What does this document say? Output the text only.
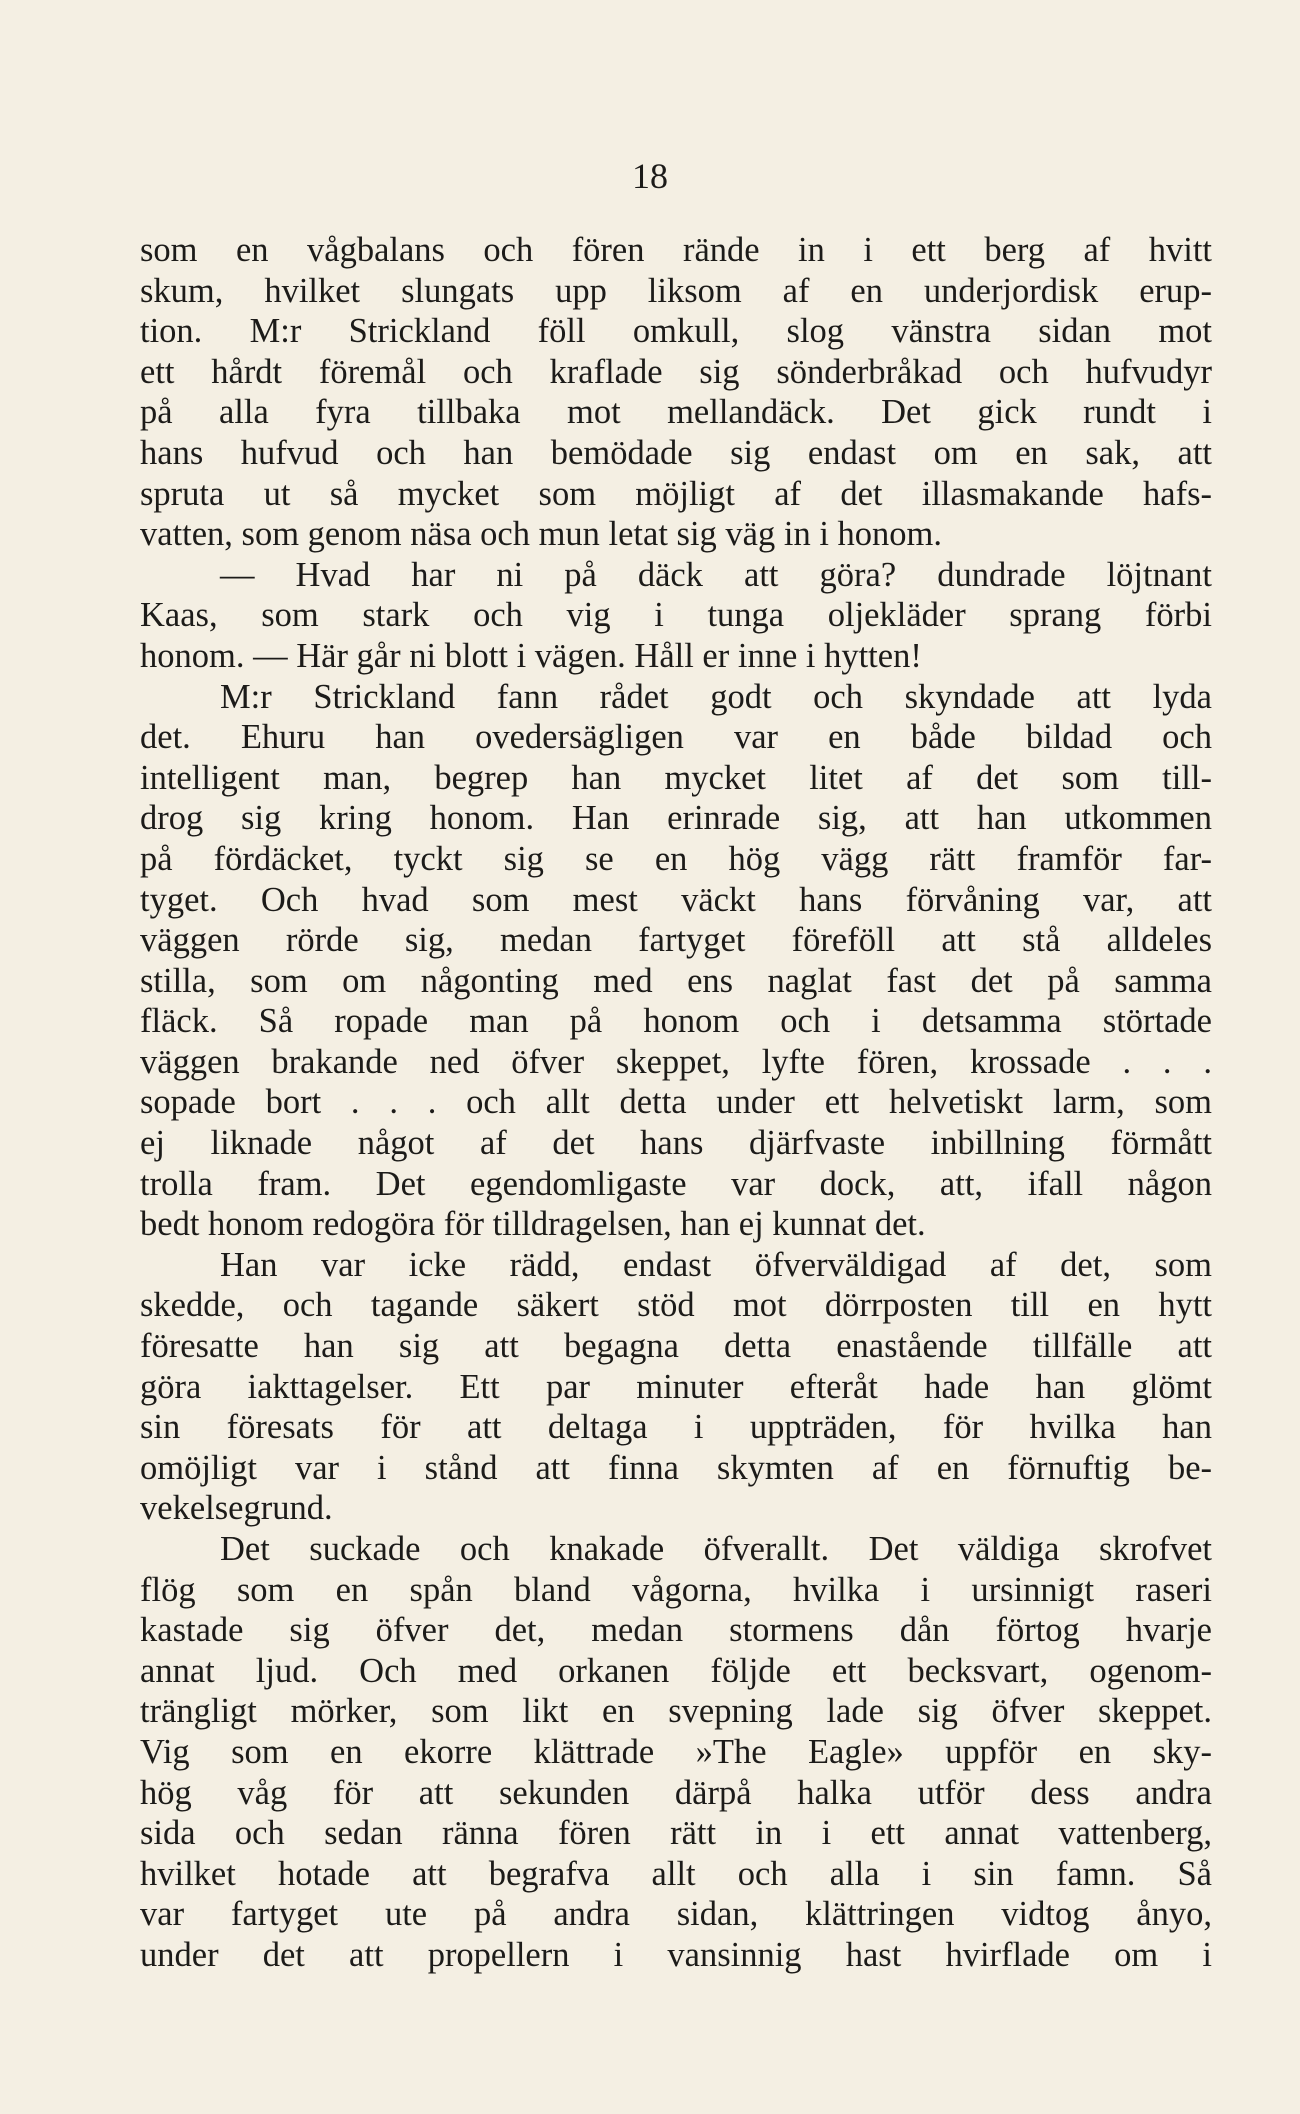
18
som en vågbalans och fören rände in i ett berg af hvitt
skum, hvilket slungats upp liksom af en underjordisk erup-
tion. M:r Strickland föll omkull, slog vänstra sidan mot
ett hårdt föremål och kraflade sig sönderbråkad och hufvudyr
på alla fyra tillbaka mot mellandäck. Det gick rundt i
hans hufvud och han bemödade sig endast om en sak, att
spruta ut så mycket som möjligt af det illasmakande hafs-
vatten, som genom näsa och mun letat sig väg in i honom.
— Hvad har ni på däck att göra? dundrade löjtnant
Kaas, som stark och vig i tunga oljekläder sprang förbi
honom. — Här går ni blott i vägen. Håll er inne i hytten!
M:r Strickland fann rådet godt och skyndade att lyda
det. Ehuru han ovedersägligen var en både bildad och
intelligent man, begrep han mycket litet af det som till-
drog sig kring honom. Han erinrade sig, att han utkommen
på fördäcket, tyckt sig se en hög vägg rätt framför far-
tyget. Och hvad som mest väckt hans förvåning var, att
väggen rörde sig, medan fartyget föreföll att stå alldeles
stilla, som om någonting med ens naglat fast det på samma
fläck. Så ropade man på honom och i detsamma störtade
väggen brakande ned öfver skeppet, lyfte fören, krossade . . .
sopade bort . . . och allt detta under ett helvetiskt larm, som
ej liknade något af det hans djärfvaste inbillning förmått
trolla fram. Det egendomligaste var dock, att, ifall någon
bedt honom redogöra för tilldragelsen, han ej kunnat det.
Han var icke rädd, endast öfverväldigad af det, som
skedde, och tagande säkert stöd mot dörrposten till en hytt
föresatte han sig att begagna detta enastående tillfälle att
göra iakttagelser. Ett par minuter efteråt hade han glömt
sin föresats för att deltaga i uppträden, för hvilka han
omöjligt var i stånd att finna skymten af en förnuftig be-
vekelsegrund.
Det suckade och knakade öfverallt. Det väldiga skrofvet
flög som en spån bland vågorna, hvilka i ursinnigt raseri
kastade sig öfver det, medan stormens dån förtog hvarje
annat ljud. Och med orkanen följde ett becksvart, ogenom-
trängligt mörker, som likt en svepning lade sig öfver skeppet.
Vig som en ekorre klättrade »The Eagle» uppför en sky-
hög våg för att sekunden därpå halka utför dess andra
sida och sedan ränna fören rätt in i ett annat vattenberg,
hvilket hotade att begrafva allt och alla i sin famn. Så
var fartyget ute på andra sidan, klättringen vidtog ånyo,
under det att propellern i vansinnig hast hvirflade om i
